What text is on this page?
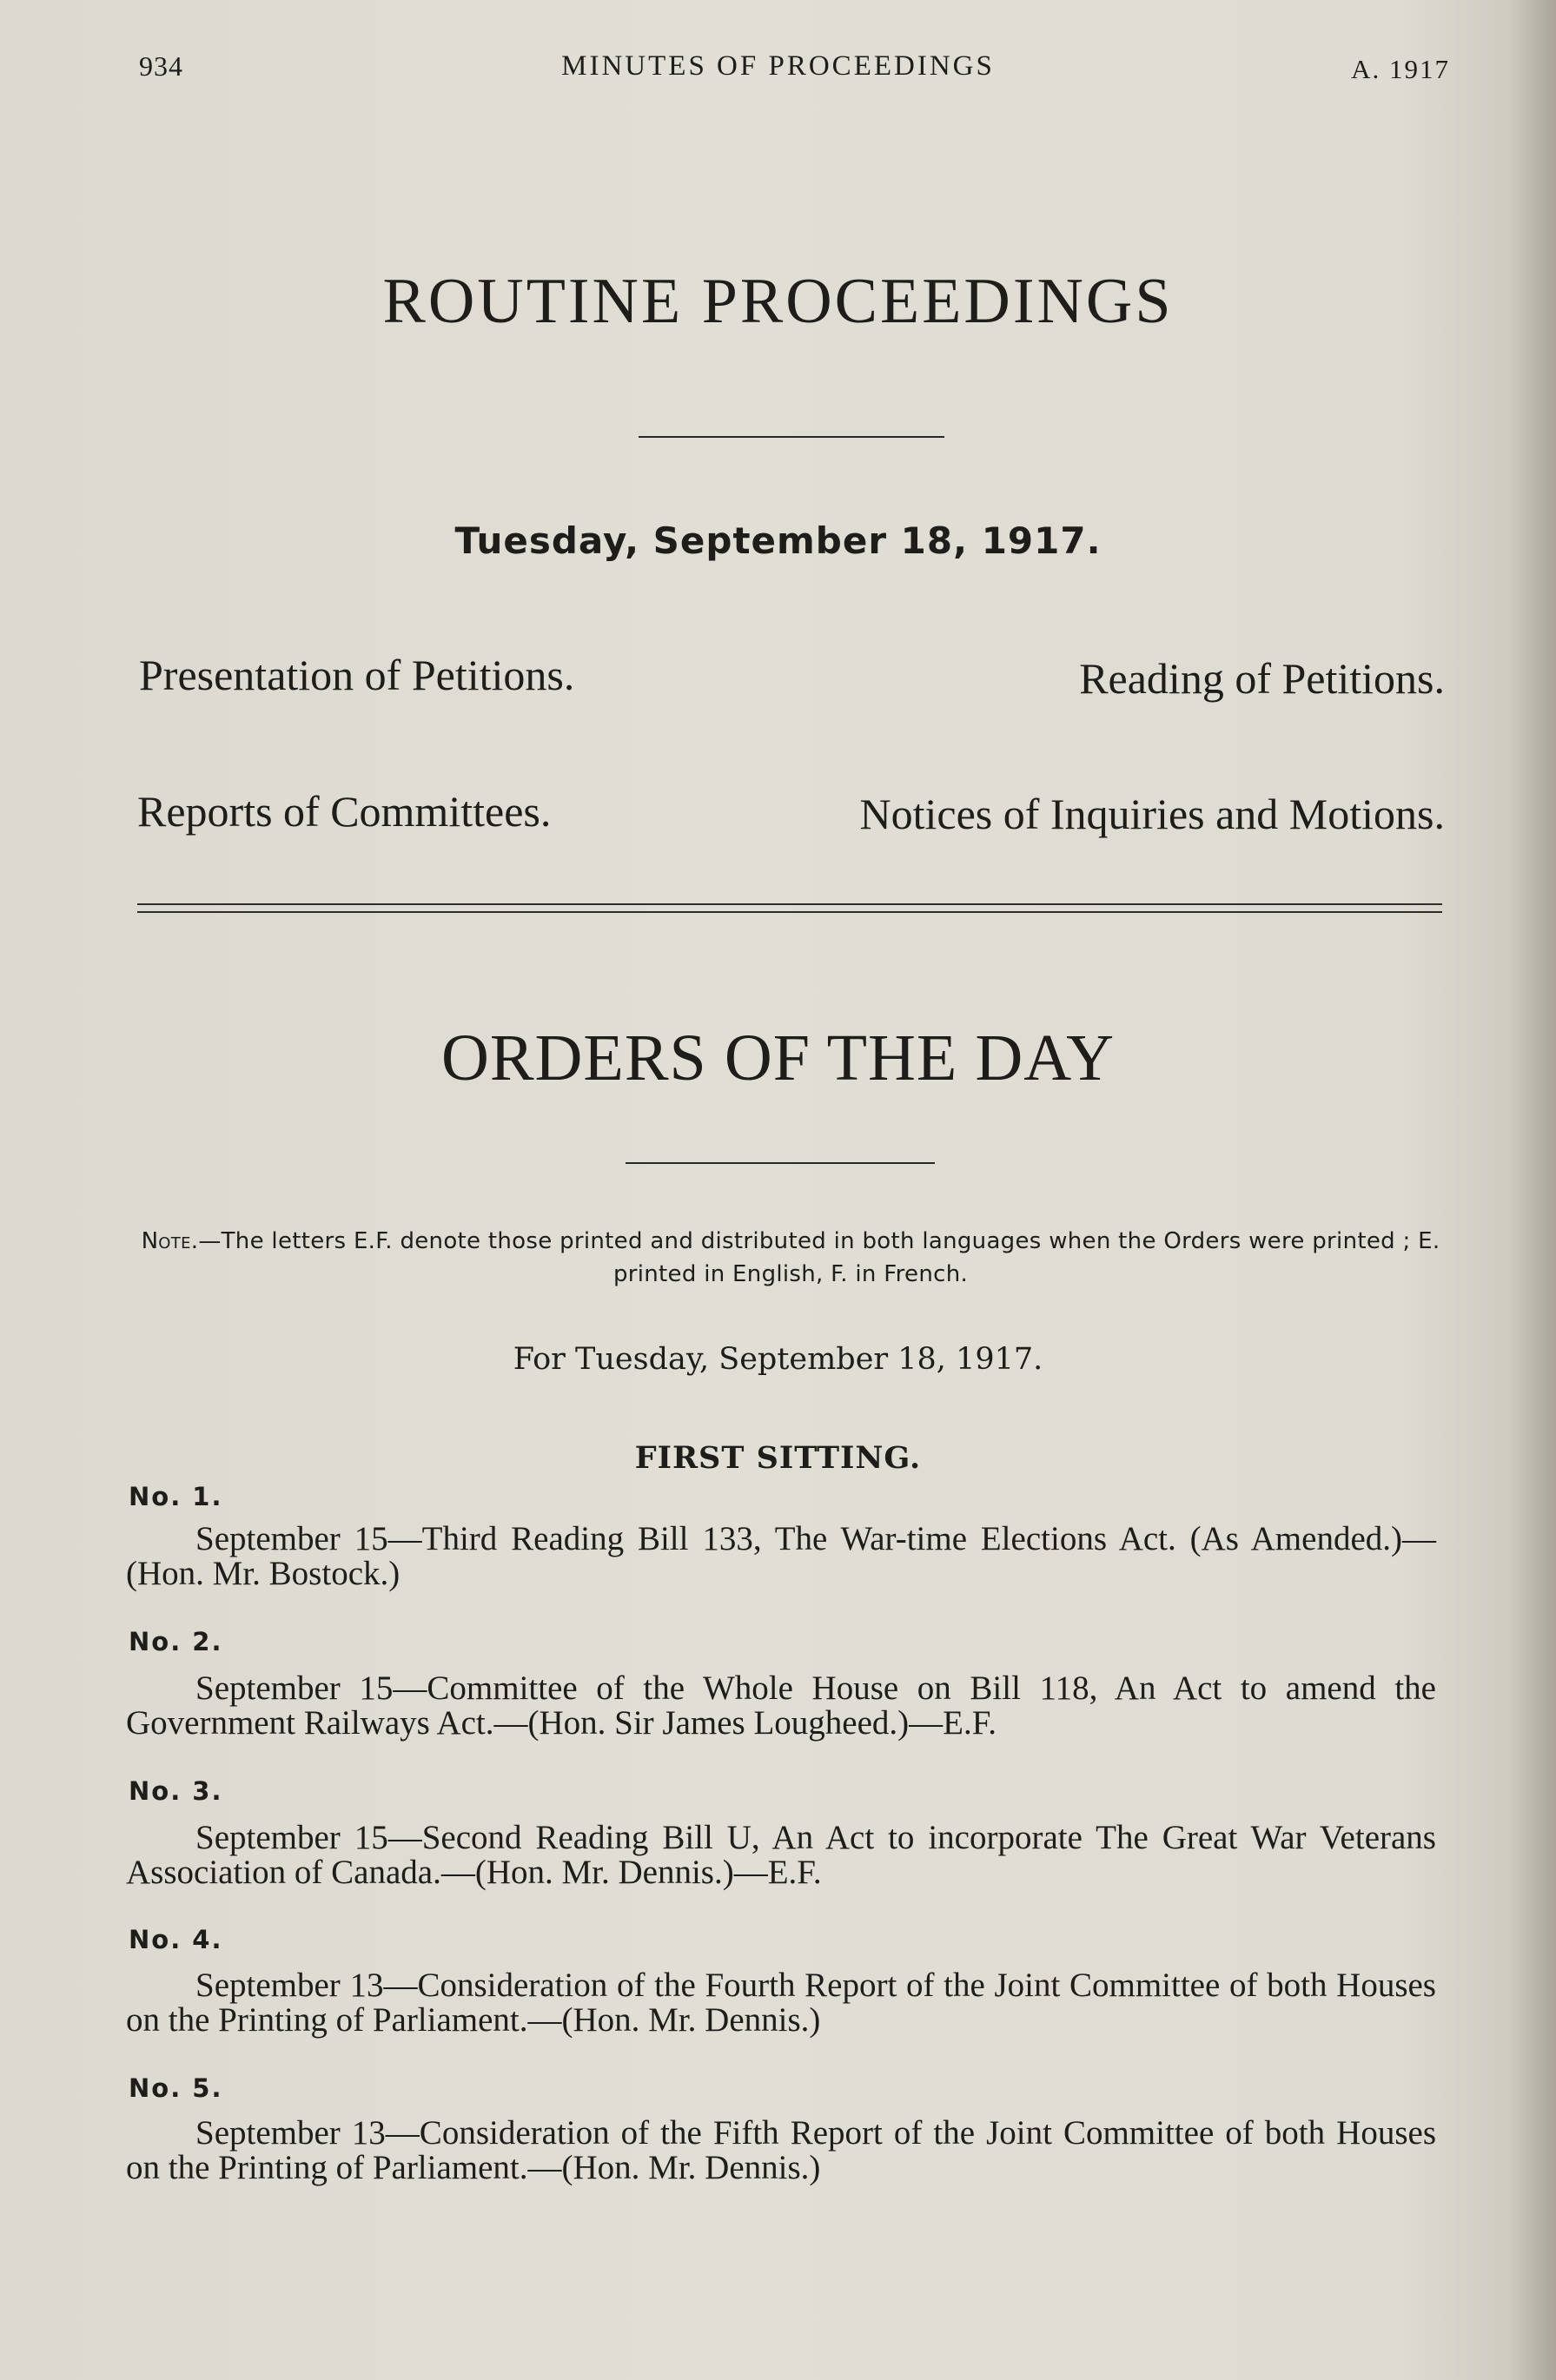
934	MINUTES OF PROCEEDINGS	A. 1917
ROUTINE PROCEEDINGS
Tuesday, September 18, 1917.
Presentation of Petitions.	Reading of Petitions.
Reports of Committees.	Notices of Inquiries and Motions.
ORDERS OF THE DAY
Note.—The letters E.F. denote those printed and distributed in both languages when the Orders were printed ; E. printed in English, F. in French.
For Tuesday, September 18, 1917.
FIRST SITTING.
No. 1.
September 15—Third Reading Bill 133, The War-time Elections Act. (As Amended.)—(Hon. Mr. Bostock.)
No. 2.
September 15—Committee of the Whole House on Bill 118, An Act to amend the Government Railways Act.—(Hon. Sir James Lougheed.)—E.F.
No. 3.
September 15—Second Reading Bill U, An Act to incorporate The Great War Veterans Association of Canada.—(Hon. Mr. Dennis.)—E.F.
No. 4.
September 13—Consideration of the Fourth Report of the Joint Committee of both Houses on the Printing of Parliament.—(Hon. Mr. Dennis.)
No. 5.
September 13—Consideration of the Fifth Report of the Joint Committee of both Houses on the Printing of Parliament.—(Hon. Mr. Dennis.)
